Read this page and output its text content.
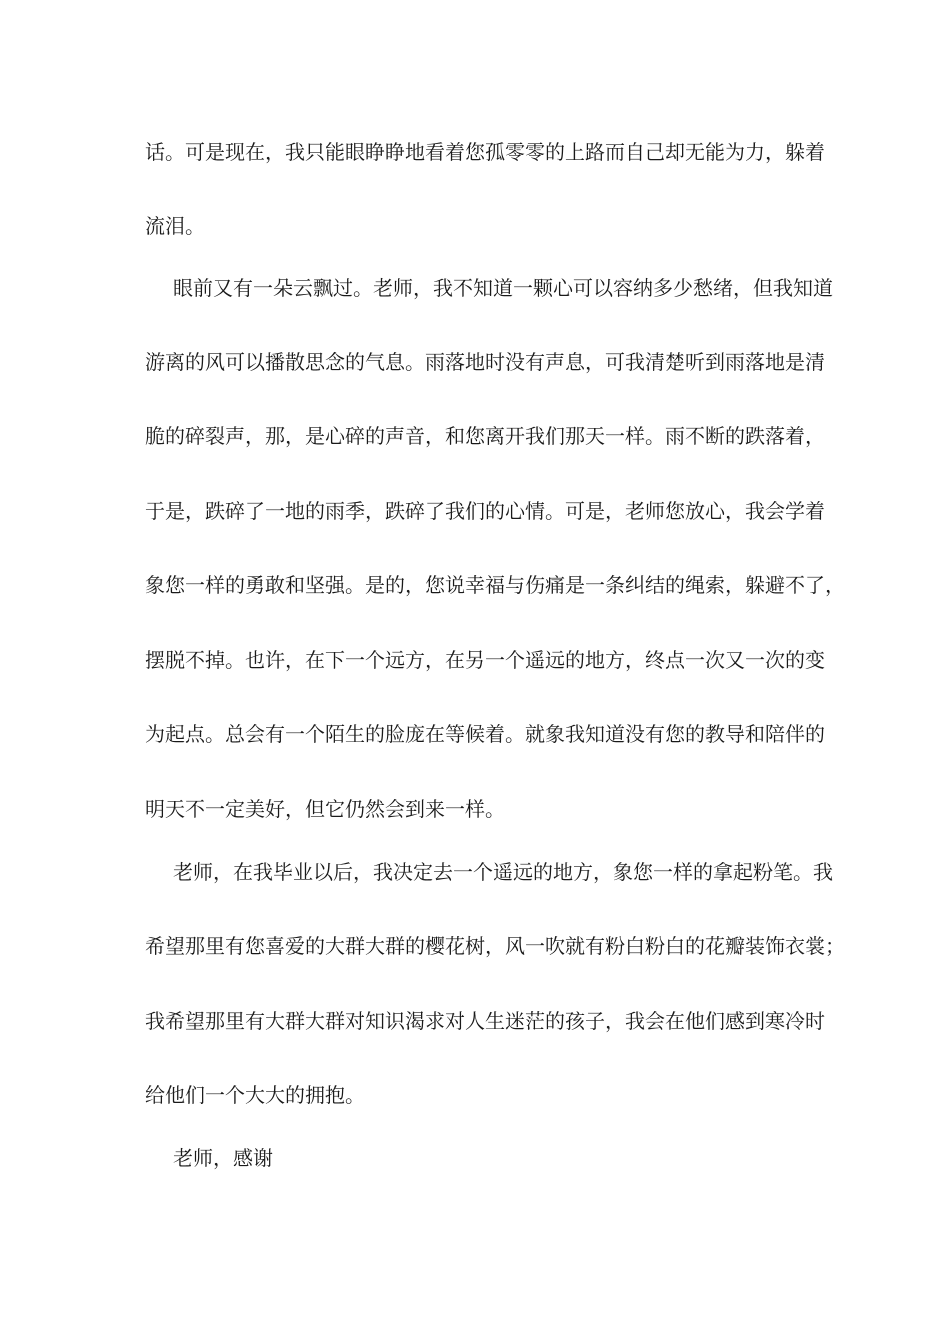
话。可是现在，我只能眼睁睁地看着您孤零零的上路而自己却无能为力，躲着
流泪。
眼前又有一朵云飘过。老师，我不知道一颗心可以容纳多少愁绪，但我知道
游离的风可以播散思念的气息。雨落地时没有声息，可我清楚听到雨落地是清
脆的碎裂声，那，是心碎的声音，和您离开我们那天一样。雨不断的跌落着，
于是，跌碎了一地的雨季，跌碎了我们的心情。可是，老师您放心，我会学着
象您一样的勇敢和坚强。是的，您说幸福与伤痛是一条纠结的绳索，躲避不了，
摆脱不掉。也许，在下一个远方，在另一个遥远的地方，终点一次又一次的变
为起点。总会有一个陌生的脸庞在等候着。就象我知道没有您的教导和陪伴的
明天不一定美好，但它仍然会到来一样。
老师，在我毕业以后，我决定去一个遥远的地方，象您一样的拿起粉笔。我
希望那里有您喜爱的大群大群的樱花树，风一吹就有粉白粉白的花瓣装饰衣裳；
我希望那里有大群大群对知识渴求对人生迷茫的孩子，我会在他们感到寒冷时
给他们一个大大的拥抱。
老师，感谢
